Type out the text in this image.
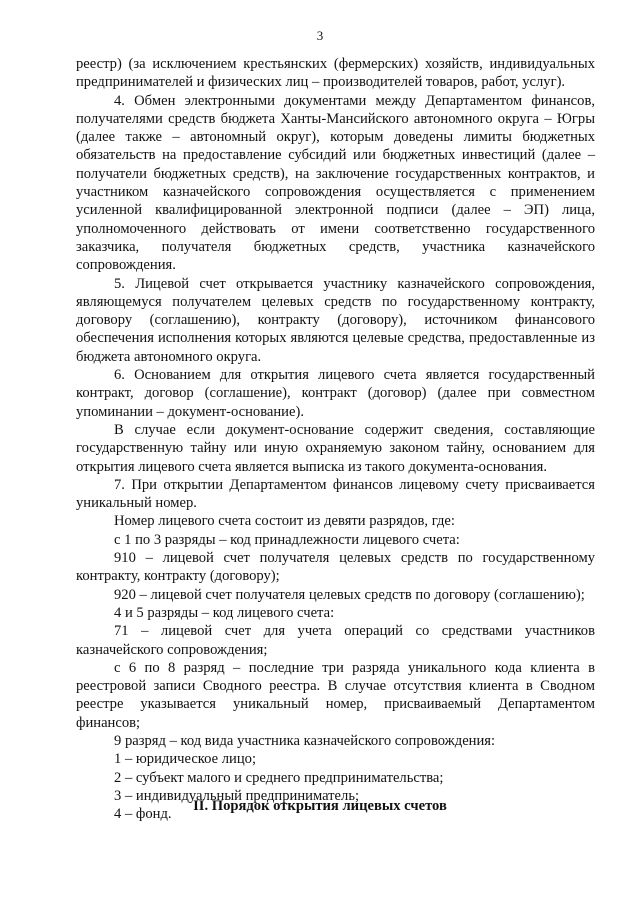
3

реестр) (за исключением крестьянских (фермерских) хозяйств, индивидуальных предпринимателей и физических лиц – производителей товаров, работ, услуг).

4. Обмен электронными документами между Департаментом финансов, получателями средств бюджета Ханты-Мансийского автономного округа – Югры (далее также – автономный округ), которым доведены лимиты бюджетных обязательств на предоставление субсидий или бюджетных инвестиций (далее – получатели бюджетных средств), на заключение государственных контрактов, и участником казначейского сопровождения осуществляется с применением усиленной квалифицированной электронной подписи (далее – ЭП) лица, уполномоченного действовать от имени соответственно государственного заказчика, получателя бюджетных средств, участника казначейского сопровождения.

5. Лицевой счет открывается участнику казначейского сопровождения, являющемуся получателем целевых средств по государственному контракту, договору (соглашению), контракту (договору), источником финансового обеспечения исполнения которых являются целевые средства, предоставленные из бюджета автономного округа.

6. Основанием для открытия лицевого счета является государственный контракт, договор (соглашение), контракт (договор) (далее при совместном упоминании – документ-основание).

В случае если документ-основание содержит сведения, составляющие государственную тайну или иную охраняемую законом тайну, основанием для открытия лицевого счета является выписка из такого документа-основания.

7. При открытии Департаментом финансов лицевому счету присваивается уникальный номер.

Номер лицевого счета состоит из девяти разрядов, где:

с 1 по 3 разряды – код принадлежности лицевого счета:

910 – лицевой счет получателя целевых средств по государственному контракту, контракту (договору);

920 – лицевой счет получателя целевых средств по договору (соглашению);

4 и 5 разряды – код лицевого счета:

71 – лицевой счет для учета операций со средствами участников казначейского сопровождения;

с 6 по 8 разряд – последние три разряда уникального кода клиента в реестровой записи Сводного реестра. В случае отсутствия клиента в Сводном реестре указывается уникальный номер, присваиваемый Департаментом финансов;

9 разряд – код вида участника казначейского сопровождения:

1 – юридическое лицо;

2 – субъект малого и среднего предпринимательства;

3 – индивидуальный предприниматель;

4 – фонд.

II. Порядок открытия лицевых счетов
